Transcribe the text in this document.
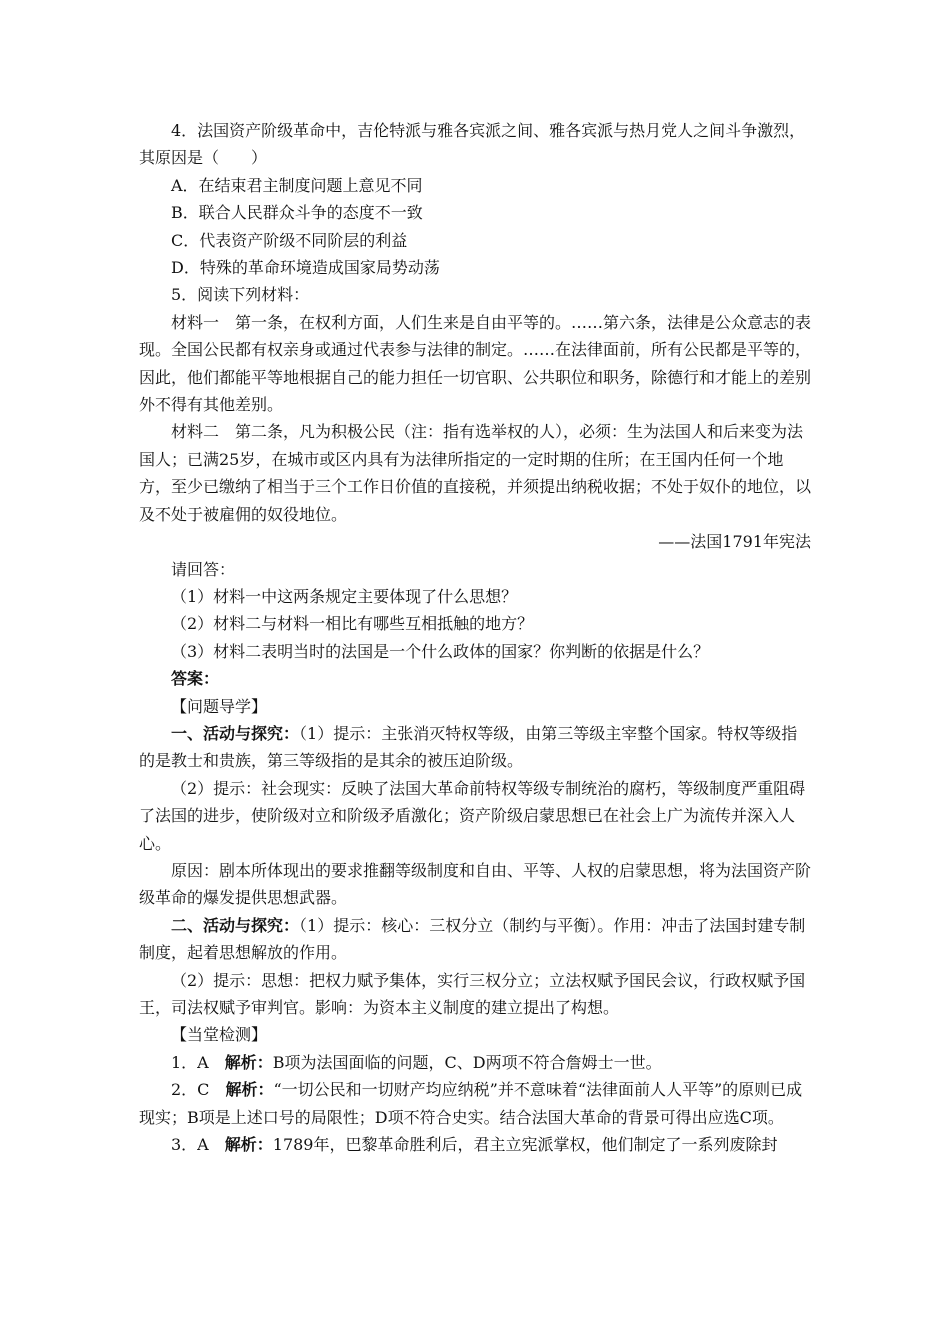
4．法国资产阶级革命中，吉伦特派与雅各宾派之间、雅各宾派与热月党人之间斗争激烈，其原因是（　　）

A．在结束君主制度问题上意见不同

B．联合人民群众斗争的态度不一致

C．代表资产阶级不同阶层的利益

D．特殊的革命环境造成国家局势动荡

5．阅读下列材料：

材料一　第一条，在权利方面，人们生来是自由平等的。……第六条，法律是公众意志的表现。全国公民都有权亲身或通过代表参与法律的制定。……在法律面前，所有公民都是平等的，因此，他们都能平等地根据自己的能力担任一切官职、公共职位和职务，除德行和才能上的差别外不得有其他差别。

材料二　第二条，凡为积极公民（注：指有选举权的人），必须：生为法国人和后来变为法国人；已满25岁，在城市或区内具有为法律所指定的一定时期的住所；在王国内任何一个地方，至少已缴纳了相当于三个工作日价值的直接税，并须提出纳税收据；不处于奴仆的地位，以及不处于被雇佣的奴役地位。

——法国1791年宪法

请回答：

（1）材料一中这两条规定主要体现了什么思想？

（2）材料二与材料一相比有哪些互相抵触的地方？

（3）材料二表明当时的法国是一个什么政体的国家？你判断的依据是什么？

答案：

【问题导学】

一、活动与探究：（1）提示：主张消灭特权等级，由第三等级主宰整个国家。特权等级指的是教士和贵族，第三等级指的是其余的被压迫阶级。

（2）提示：社会现实：反映了法国大革命前特权等级专制统治的腐朽，等级制度严重阻碍了法国的进步，使阶级对立和阶级矛盾激化；资产阶级启蒙思想已在社会上广为流传并深入人心。

原因：剧本所体现出的要求推翻等级制度和自由、平等、人权的启蒙思想，将为法国资产阶级革命的爆发提供思想武器。

二、活动与探究：（1）提示：核心：三权分立（制约与平衡）。作用：冲击了法国封建专制制度，起着思想解放的作用。

（2）提示：思想：把权力赋予集体，实行三权分立；立法权赋予国民会议，行政权赋予国王，司法权赋予审判官。影响：为资本主义制度的建立提出了构想。

【当堂检测】

1．A　解析：B项为法国面临的问题，C、D两项不符合詹姆士一世。

2．C　解析：“一切公民和一切财产均应纳税”并不意味着“法律面前人人平等”的原则已成现实；B项是上述口号的局限性；D项不符合史实。结合法国大革命的背景可得出应选C项。

3．A　解析：1789年，巴黎革命胜利后，君主立宪派掌权，他们制定了一系列废除封
